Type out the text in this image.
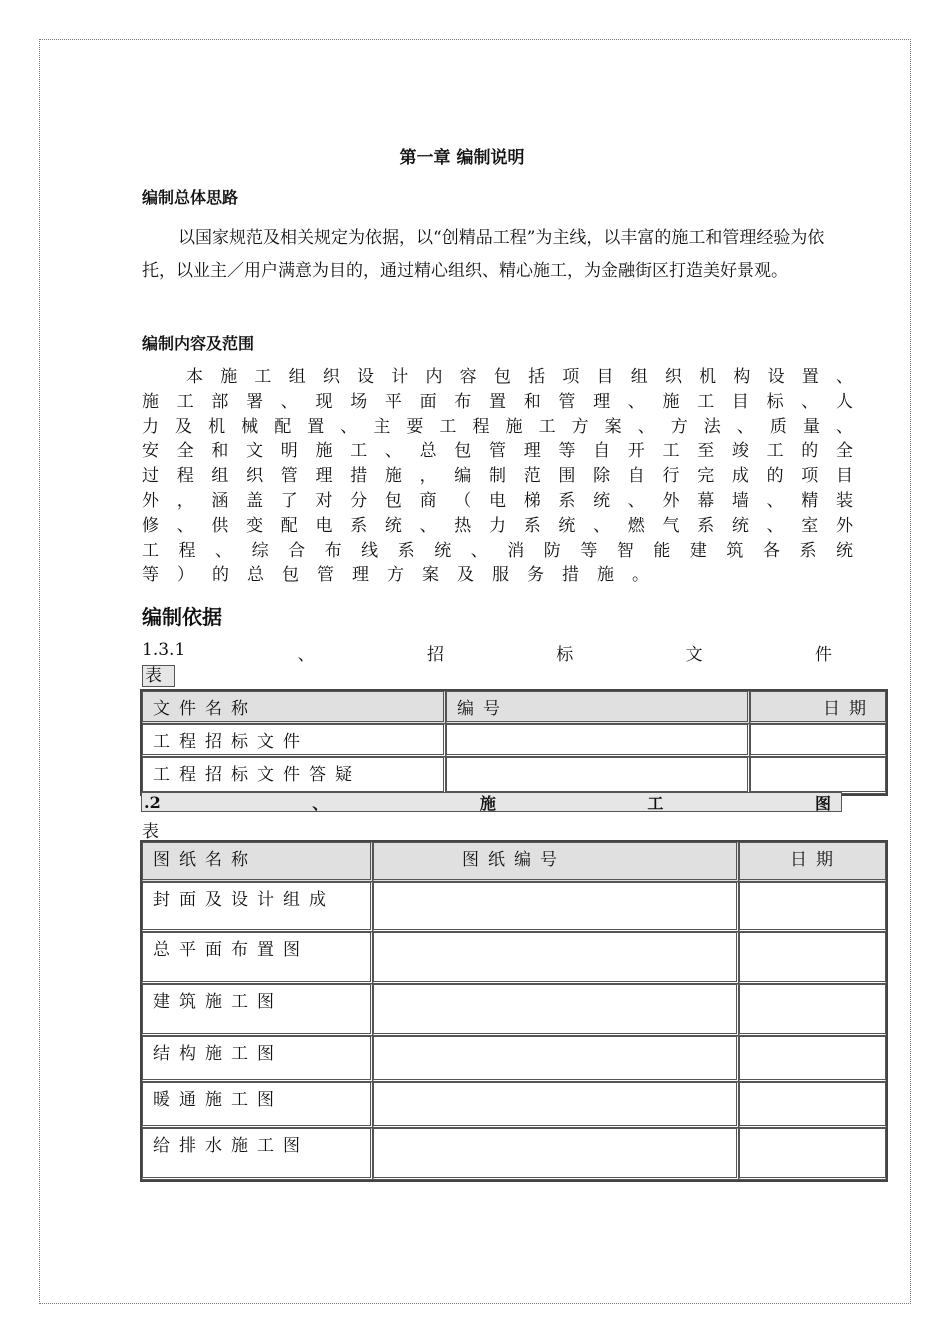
第一章 编制说明
编制总体思路
以国家规范及相关规定为依据，以“创精品工程”为主线，以丰富的施工和管理经验为依托，以业主／用户满意为目的，通过精心组织、精心施工，为金融街区打造美好景观。
编制内容及范围
本施工组织设计内容包括项目组织机构设置、
施工部署、现场平面布置和管理、施工目标、人
力及机械配置、主要工程施工方案、方法、质量、
安全和文明施工、总包管理等自开工至竣工的全
过程组织管理措施，编制范围除自行完成的项目
外，涵盖了对分包商（电梯系统、外幕墙、精装
修、供变配电系统、热力系统、燃气系统、室外
工程、综合布线系统、消防等智能建筑各系统
等）的总包管理方案及服务措施。
编制依据
1.3.1	、	招	标	文	件
表
文件名称	编号	日期
工程招标文件		
工程招标文件答疑		
.2	、	施	工	图
表
图纸名称	图纸编号	日期
封面及设计组成		
总平面布置图		
建筑施工图		
结构施工图		
暖通施工图		
给排水施工图		
